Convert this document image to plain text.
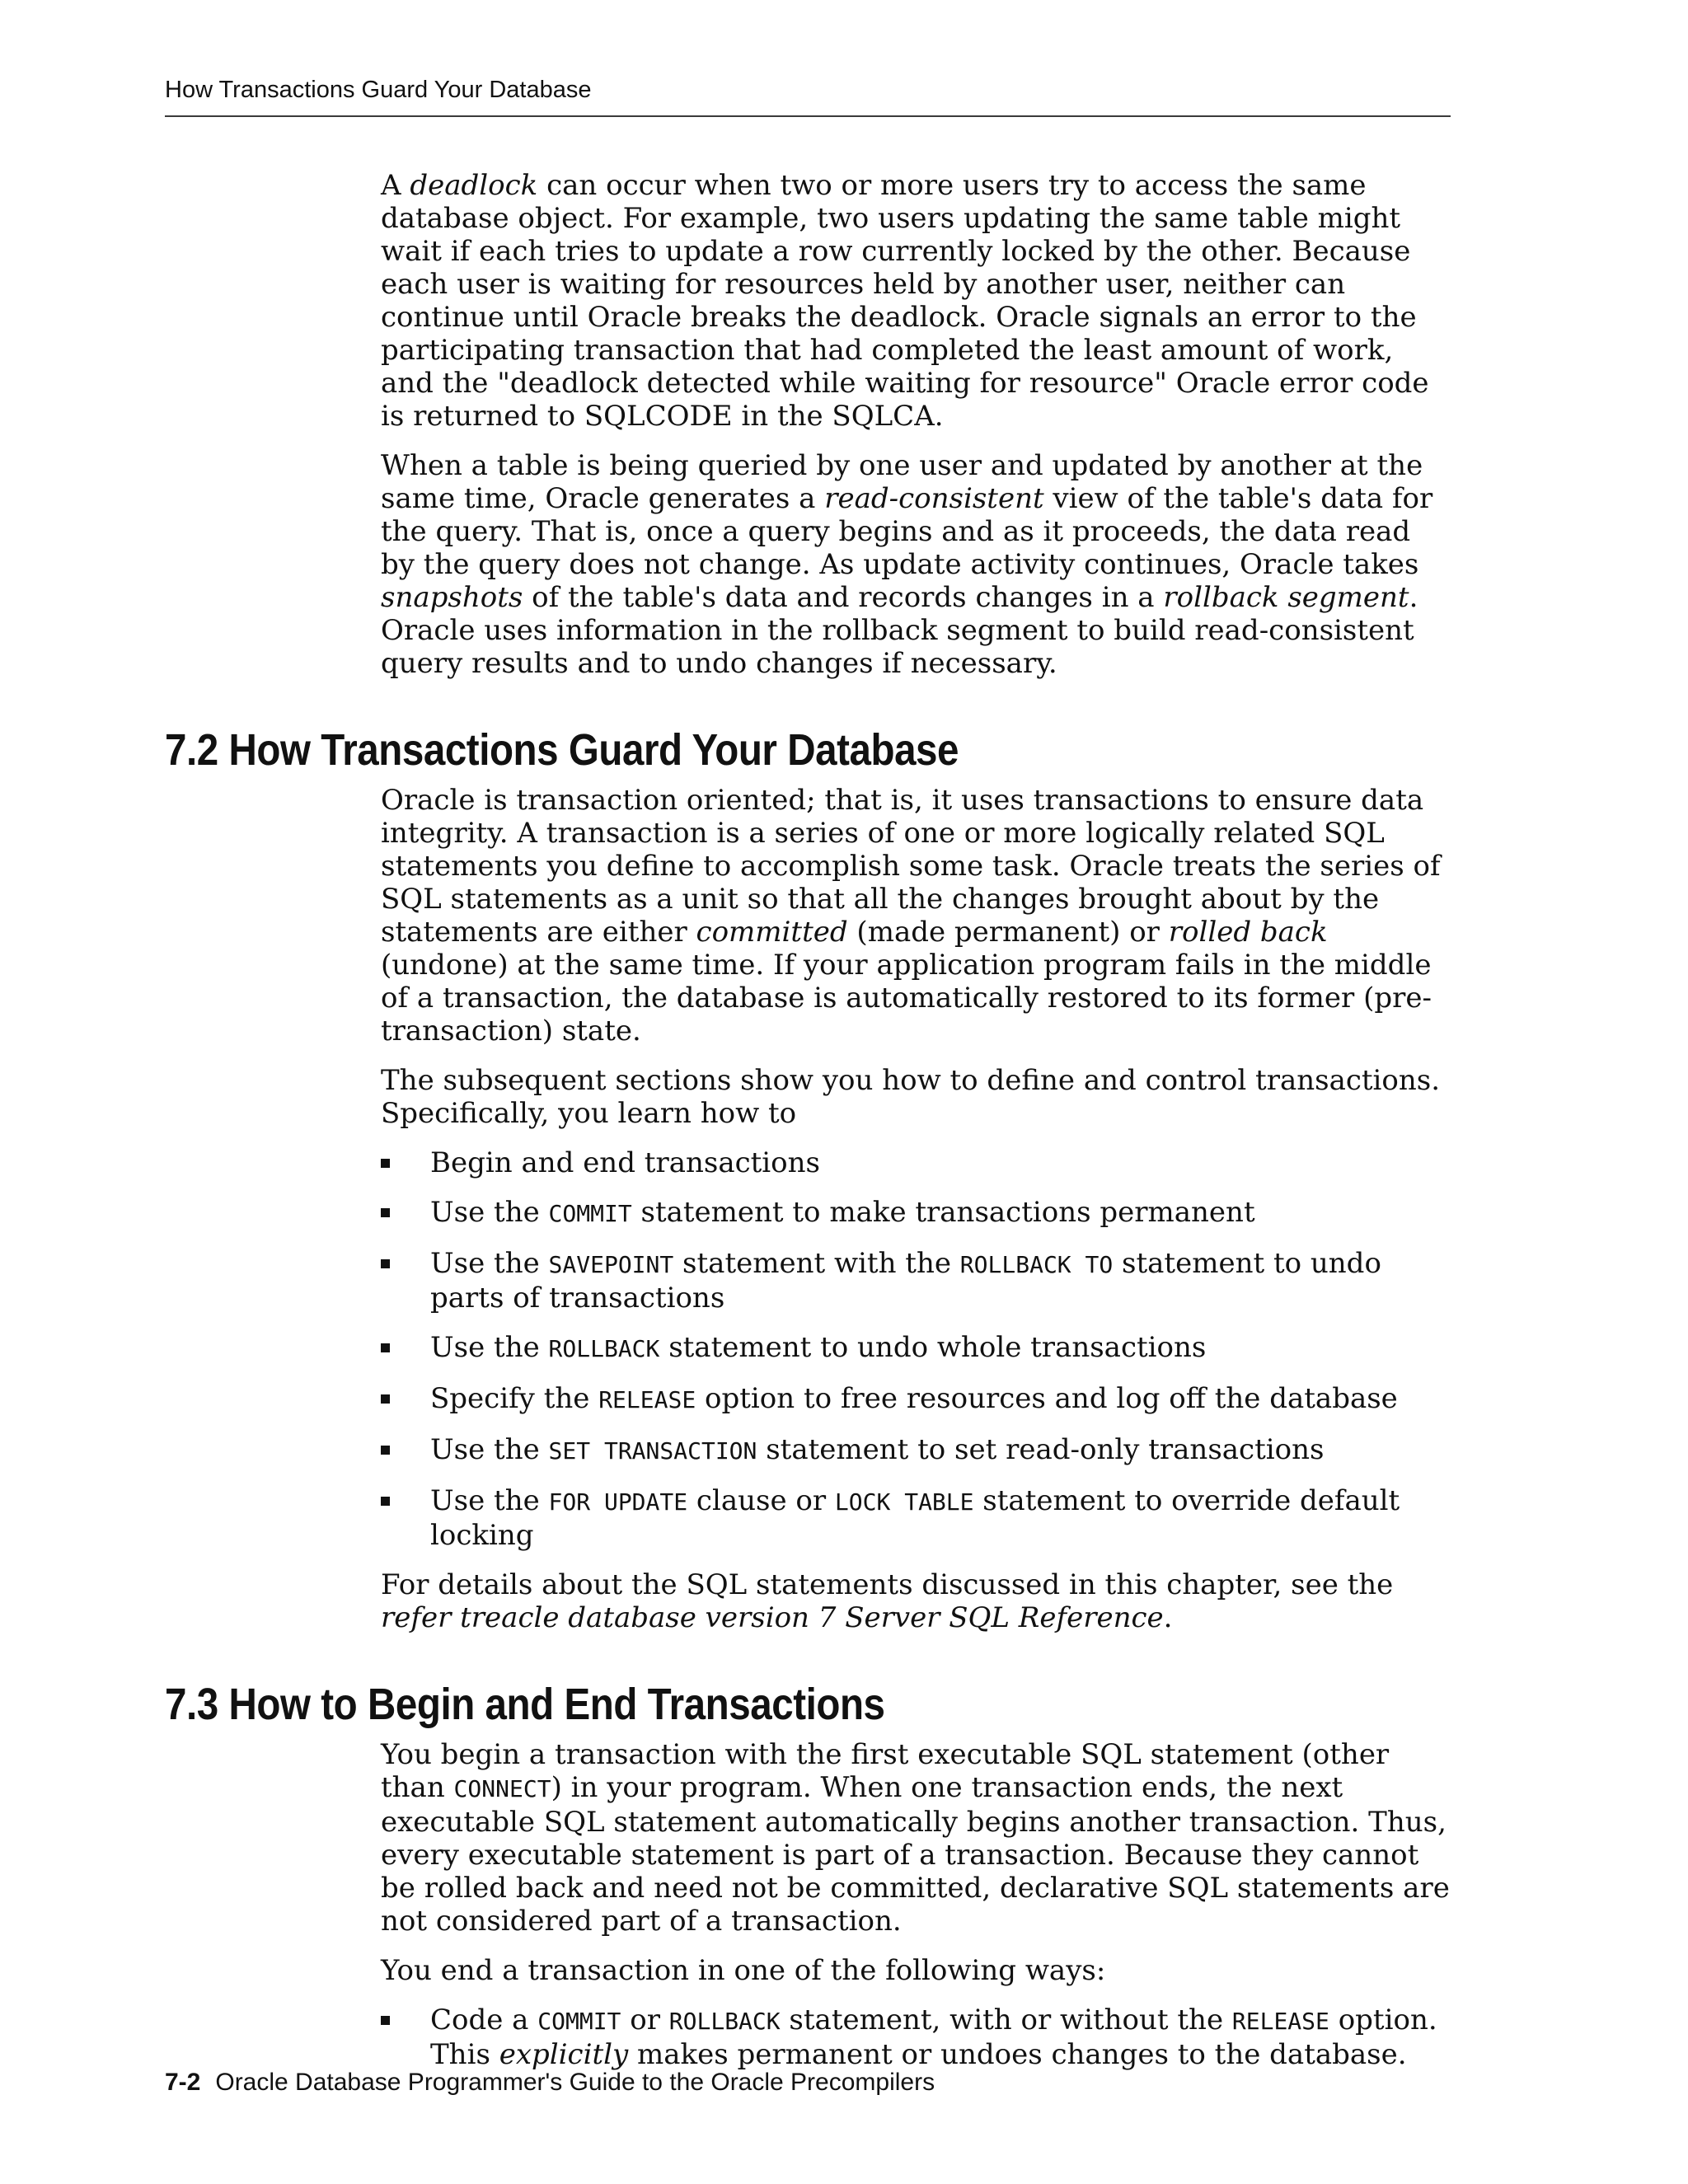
How Transactions Guard Your Database

A deadlock can occur when two or more users try to access the same database object. For example, two users updating the same table might wait if each tries to update a row currently locked by the other. Because each user is waiting for resources held by another user, neither can continue until Oracle breaks the deadlock. Oracle signals an error to the participating transaction that had completed the least amount of work, and the "deadlock detected while waiting for resource" Oracle error code is returned to SQLCODE in the SQLCA.

When a table is being queried by one user and updated by another at the same time, Oracle generates a read-consistent view of the table's data for the query. That is, once a query begins and as it proceeds, the data read by the query does not change. As update activity continues, Oracle takes snapshots of the table's data and records changes in a rollback segment. Oracle uses information in the rollback segment to build read-consistent query results and to undo changes if necessary.

7.2 How Transactions Guard Your Database

Oracle is transaction oriented; that is, it uses transactions to ensure data integrity. A transaction is a series of one or more logically related SQL statements you define to accomplish some task. Oracle treats the series of SQL statements as a unit so that all the changes brought about by the statements are either committed (made permanent) or rolled back (undone) at the same time. If your application program fails in the middle of a transaction, the database is automatically restored to its former (pre-transaction) state.

The subsequent sections show you how to define and control transactions. Specifically, you learn how to

Begin and end transactions
Use the COMMIT statement to make transactions permanent
Use the SAVEPOINT statement with the ROLLBACK TO statement to undo parts of transactions
Use the ROLLBACK statement to undo whole transactions
Specify the RELEASE option to free resources and log off the database
Use the SET TRANSACTION statement to set read-only transactions
Use the FOR UPDATE clause or LOCK TABLE statement to override default locking

For details about the SQL statements discussed in this chapter, see the refer treacle database version 7 Server SQL Reference.

7.3 How to Begin and End Transactions

You begin a transaction with the first executable SQL statement (other than CONNECT) in your program. When one transaction ends, the next executable SQL statement automatically begins another transaction. Thus, every executable statement is part of a transaction. Because they cannot be rolled back and need not be committed, declarative SQL statements are not considered part of a transaction.

You end a transaction in one of the following ways:

Code a COMMIT or ROLLBACK statement, with or without the RELEASE option. This explicitly makes permanent or undoes changes to the database.
7-2 Oracle Database Programmer's Guide to the Oracle Precompilers
